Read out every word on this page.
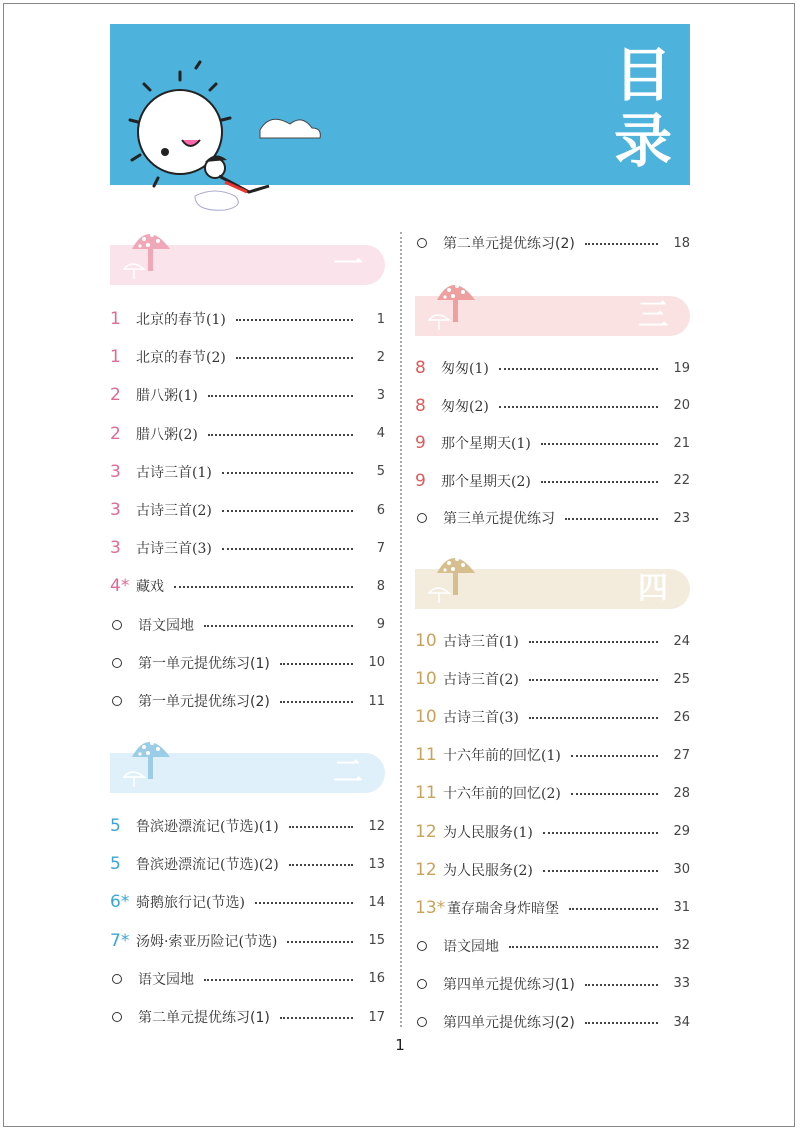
目
录
一
1	北京的春节(1)	1
1	北京的春节(2)	2
2	腊八粥(1)	3
2	腊八粥(2)	4
3	古诗三首(1)	5
3	古诗三首(2)	6
3	古诗三首(3)	7
4* 藏戏	8
语文园地	9
第一单元提优练习(1)	10
第一单元提优练习(2)	11
二
5	鲁滨逊漂流记(节选)(1)	12
5	鲁滨逊漂流记(节选)(2)	13
6* 骑鹅旅行记(节选)	14
7* 汤姆·索亚历险记(节选)	15
语文园地	16
第二单元提优练习(1)	17
第二单元提优练习(2)	18
三
8	匆匆(1)	19
8	匆匆(2)	20
9	那个星期天(1)	21
9	那个星期天(2)	22
第三单元提优练习	23
四
10 古诗三首(1)	24
10 古诗三首(2)	25
10 古诗三首(3)	26
11 十六年前的回忆(1)	27
11 十六年前的回忆(2)	28
12 为人民服务(1)	29
12 为人民服务(2)	30
13* 董存瑞舍身炸暗堡	31
语文园地	32
第四单元提优练习(1)	33
第四单元提优练习(2)	34
1
